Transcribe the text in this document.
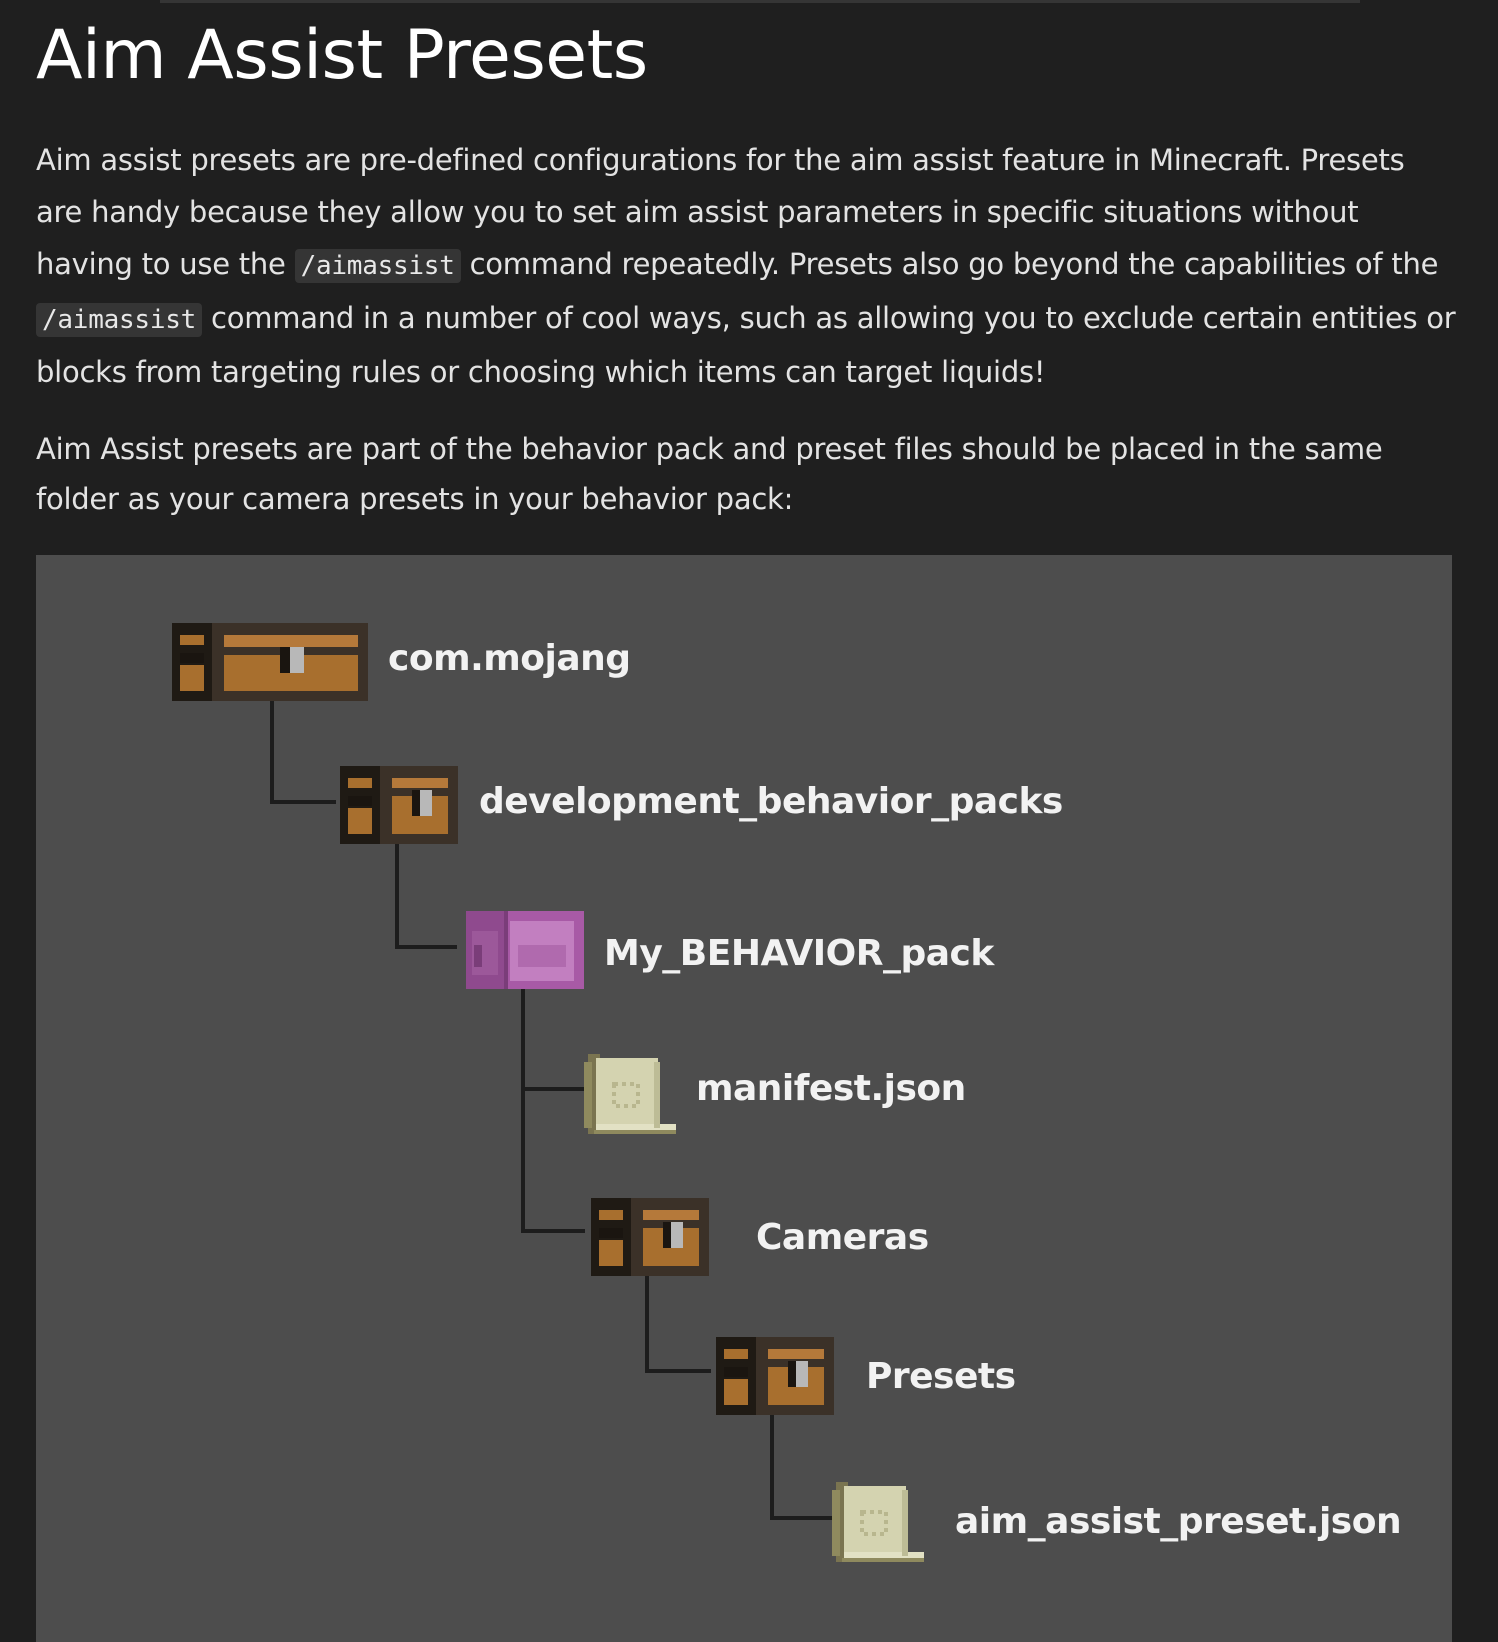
Aim Assist Presets

Aim assist presets are pre-defined configurations for the aim assist feature in Minecraft. Presets are handy because they allow you to set aim assist parameters in specific situations without having to use the /aimassist command repeatedly. Presets also go beyond the capabilities of the
/aimassist command in a number of cool ways, such as allowing you to exclude certain entities or blocks from targeting rules or choosing which items can target liquids!

Aim Assist presets are part of the behavior pack and preset files should be placed in the same folder as your camera presets in your behavior pack:

com.mojang
development_behavior_packs
My_BEHAVIOR_pack
manifest.json
Cameras
Presets
aim_assist_preset.json
